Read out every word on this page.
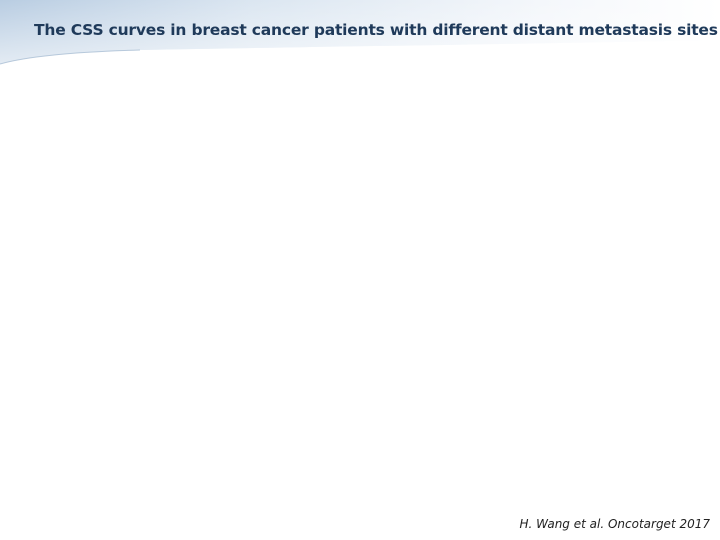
The CSS curves in breast cancer patients with different distant metastasis sites

H. Wang et al. Oncotarget 2017
